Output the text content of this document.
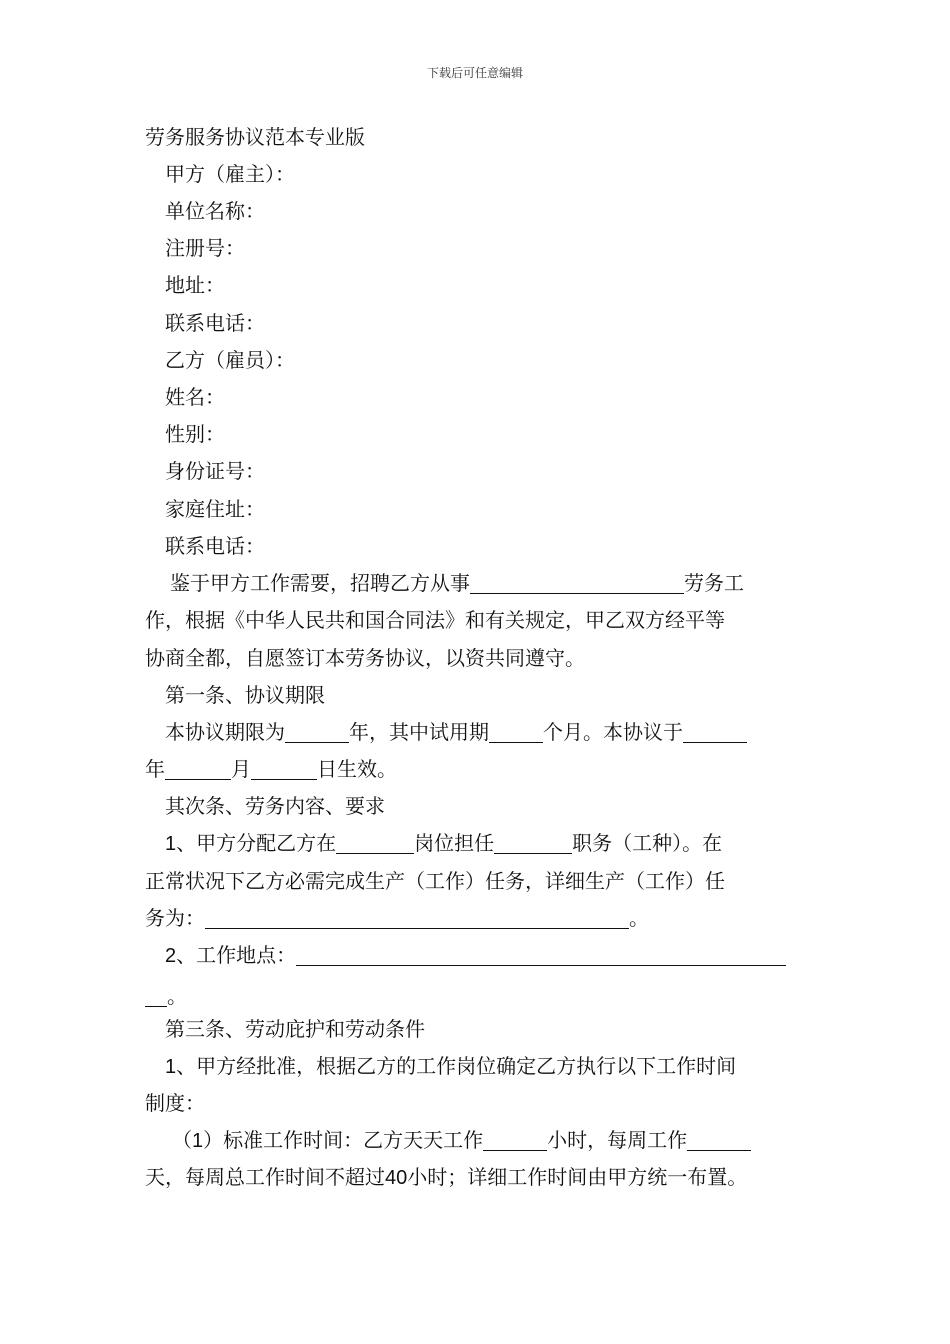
下载后可任意编辑
劳务服务协议范本专业版
甲方（雇主）：
单位名称：
注册号：
地址：
联系电话：
乙方（雇员）：
姓名：
性别：
身份证号：
家庭住址：
联系电话：
鉴于甲方工作需要，招聘乙方从事	劳务工
作，根据《中华人民共和国合同法》和有关规定，甲乙双方经平等
协商全都，自愿签订本劳务协议，以资共同遵守。
第一条、协议期限
本协议期限为	年，其中试用期	个月。本协议于
年	月	日生效。
其次条、劳务内容、要求
1、甲方分配乙方在	岗位担任	职务（工种）。在
正常状况下乙方必需完成生产（工作）任务，详细生产（工作）任
务为：	。
2、工作地点：
。
第三条、劳动庇护和劳动条件
1、甲方经批准，根据乙方的工作岗位确定乙方执行以下工作时间
制度：
（1）标准工作时间：乙方天天工作	小时，每周工作
天，每周总工作时间不超过40小时；详细工作时间由甲方统一布置。
